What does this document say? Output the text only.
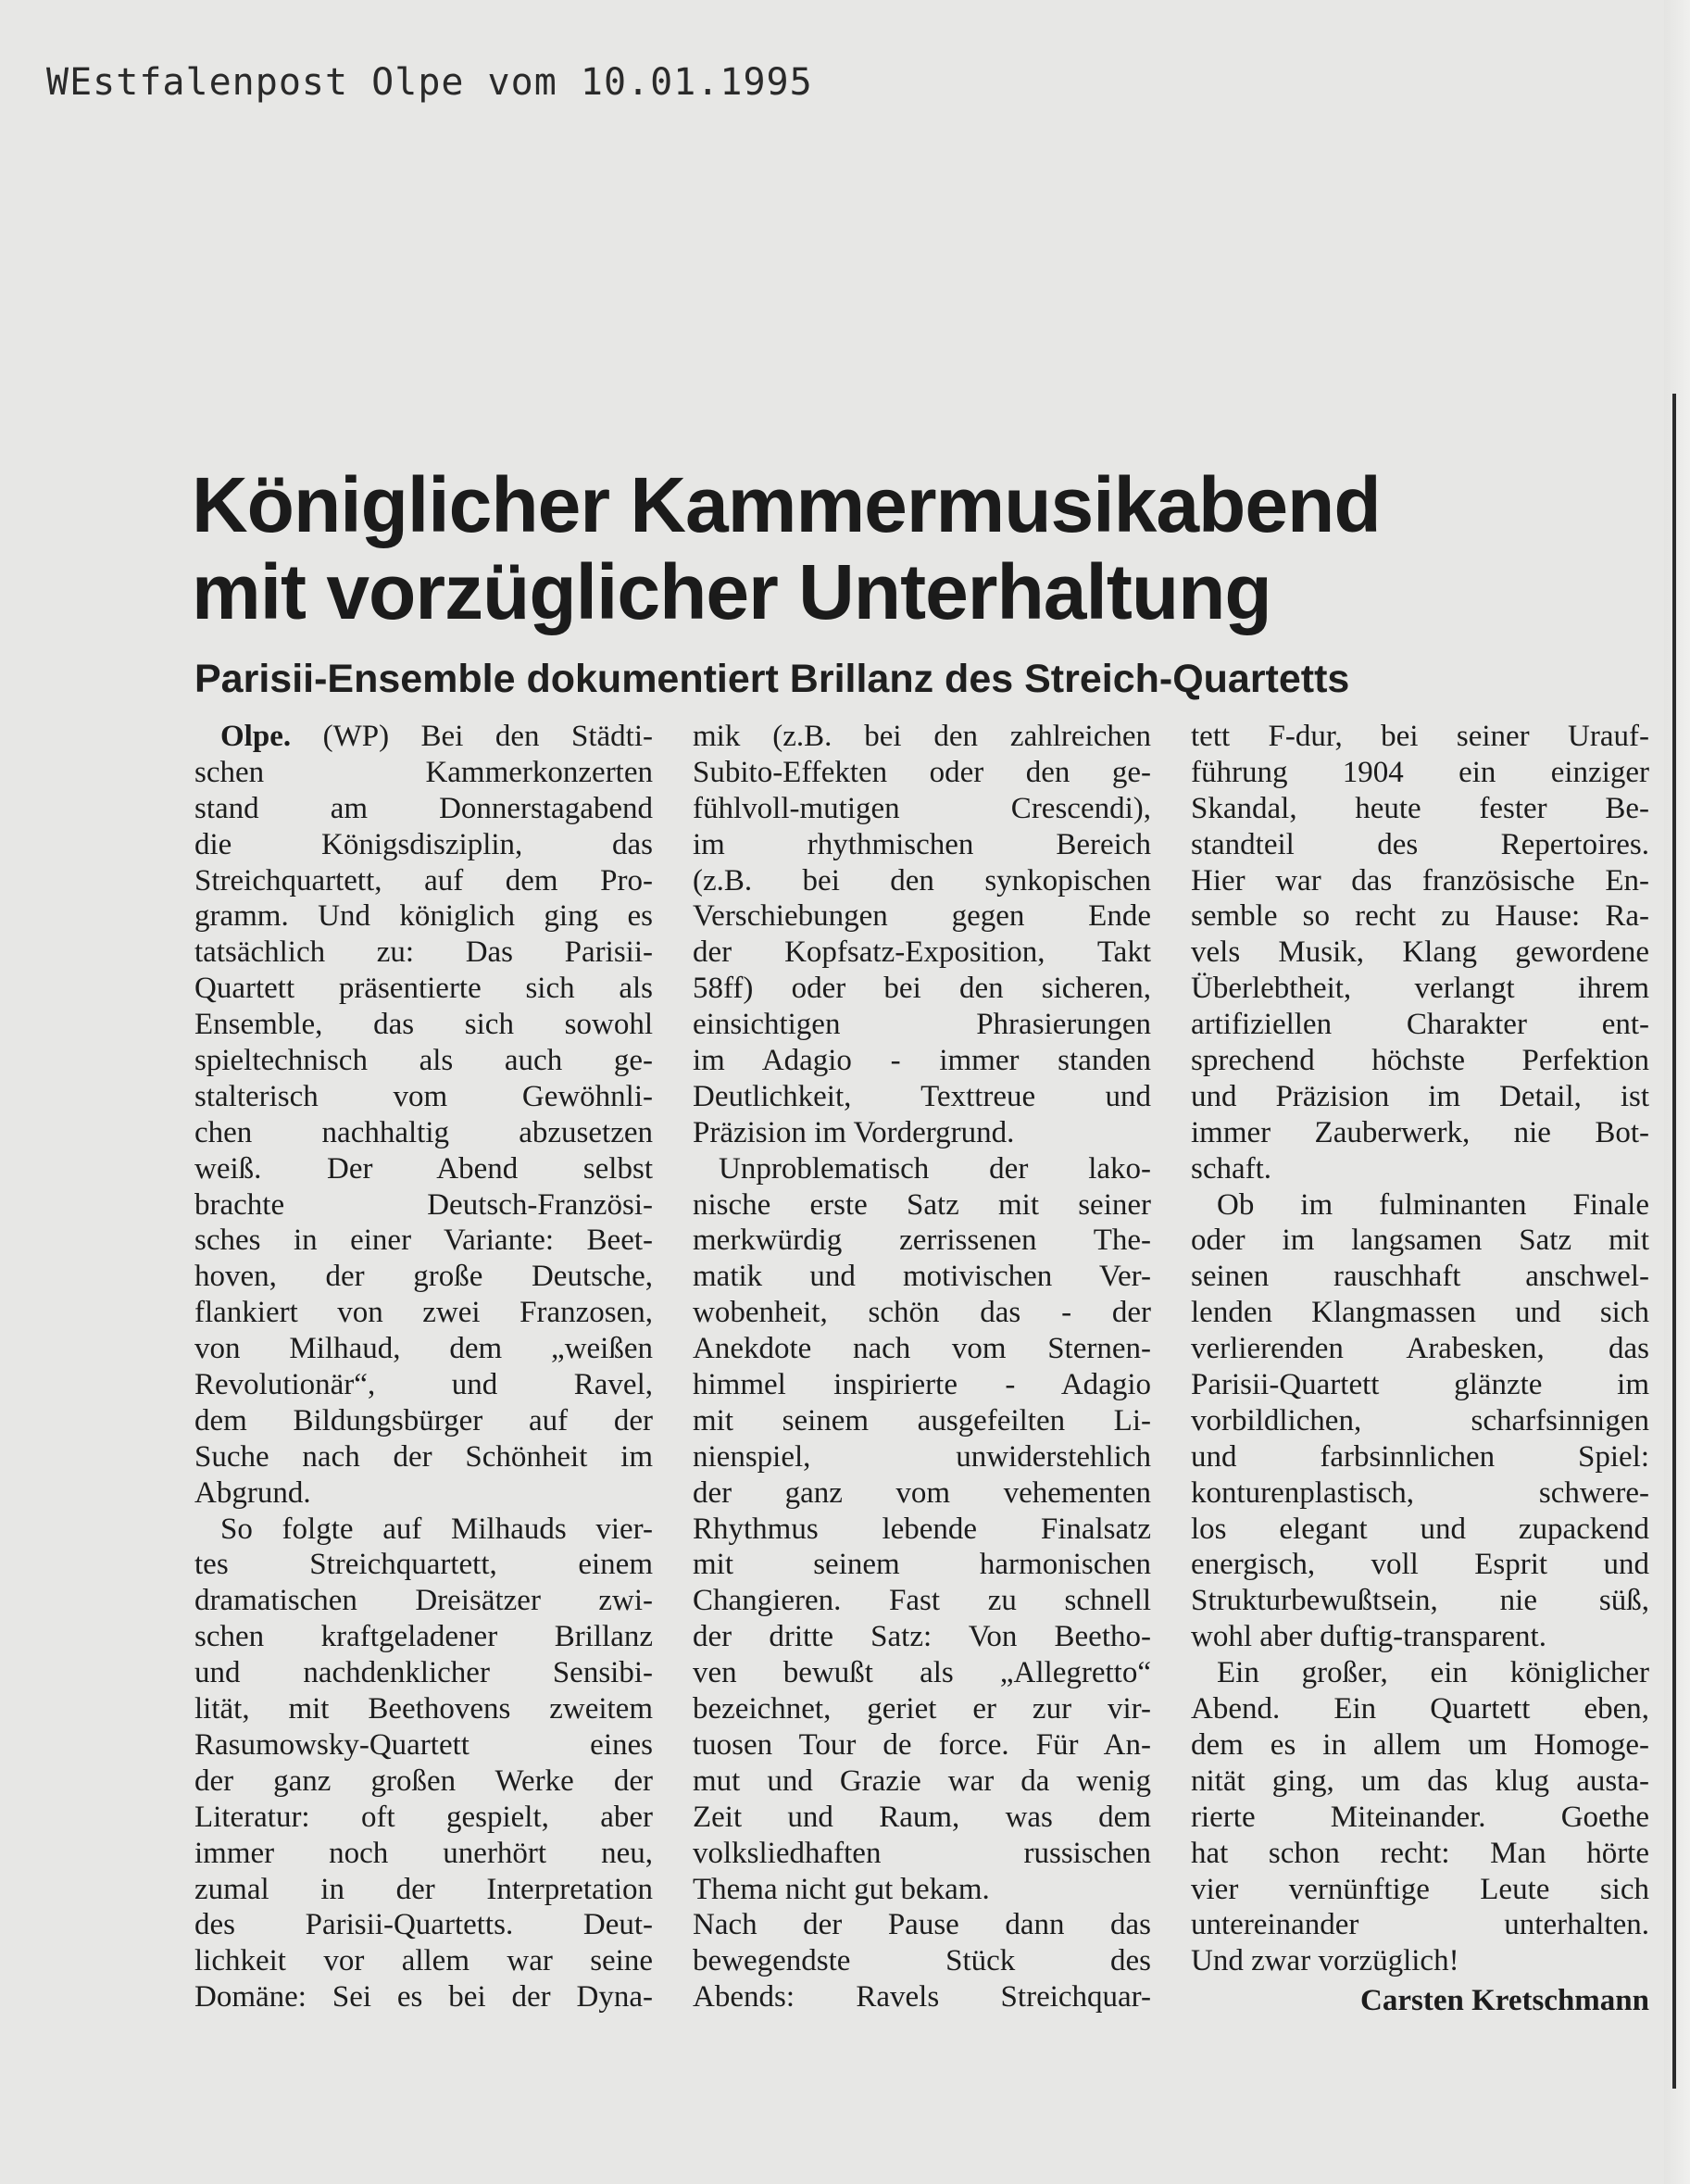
WEstfalenpost Olpe vom 10.01.1995
Königlicher Kammermusikabend
mit vorzüglicher Unterhaltung
Parisii-Ensemble dokumentiert Brillanz des Streich-Quartetts
Olpe. (WP) Bei den Städti-
schen Kammerkonzerten
stand am Donnerstagabend
die Königsdisziplin, das
Streichquartett, auf dem Pro-
gramm. Und königlich ging es
tatsächlich zu: Das Parisii-
Quartett präsentierte sich als
Ensemble, das sich sowohl
spieltechnisch als auch ge-
stalterisch vom Gewöhnli-
chen nachhaltig abzusetzen
weiß. Der Abend selbst
brachte Deutsch-Französi-
sches in einer Variante: Beet-
hoven, der große Deutsche,
flankiert von zwei Franzosen,
von Milhaud, dem „weißen
Revolutionär“, und Ravel,
dem Bildungsbürger auf der
Suche nach der Schönheit im
Abgrund.
So folgte auf Milhauds vier-
tes Streichquartett, einem
dramatischen Dreisätzer zwi-
schen kraftgeladener Brillanz
und nachdenklicher Sensibi-
lität, mit Beethovens zweitem
Rasumowsky-Quartett eines
der ganz großen Werke der
Literatur: oft gespielt, aber
immer noch unerhört neu,
zumal in der Interpretation
des Parisii-Quartetts. Deut-
lichkeit vor allem war seine
Domäne: Sei es bei der Dyna-
mik (z.B. bei den zahlreichen
Subito-Effekten oder den ge-
fühlvoll-mutigen Crescendi),
im rhythmischen Bereich
(z.B. bei den synkopischen
Verschiebungen gegen Ende
der Kopfsatz-Exposition, Takt
58ff) oder bei den sicheren,
einsichtigen Phrasierungen
im Adagio - immer standen
Deutlichkeit, Texttreue und
Präzision im Vordergrund.
Unproblematisch der lako-
nische erste Satz mit seiner
merkwürdig zerrissenen The-
matik und motivischen Ver-
wobenheit, schön das - der
Anekdote nach vom Sternen-
himmel inspirierte - Adagio
mit seinem ausgefeilten Li-
nienspiel, unwiderstehlich
der ganz vom vehementen
Rhythmus lebende Finalsatz
mit seinem harmonischen
Changieren. Fast zu schnell
der dritte Satz: Von Beetho-
ven bewußt als „Allegretto“
bezeichnet, geriet er zur vir-
tuosen Tour de force. Für An-
mut und Grazie war da wenig
Zeit und Raum, was dem
volksliedhaften russischen
Thema nicht gut bekam.
Nach der Pause dann das
bewegendste Stück des
Abends: Ravels Streichquar-
tett F-dur, bei seiner Urauf-
führung 1904 ein einziger
Skandal, heute fester Be-
standteil des Repertoires.
Hier war das französische En-
semble so recht zu Hause: Ra-
vels Musik, Klang gewordene
Überlebtheit, verlangt ihrem
artifiziellen Charakter ent-
sprechend höchste Perfektion
und Präzision im Detail, ist
immer Zauberwerk, nie Bot-
schaft.
Ob im fulminanten Finale
oder im langsamen Satz mit
seinen rauschhaft anschwel-
lenden Klangmassen und sich
verlierenden Arabesken, das
Parisii-Quartett glänzte im
vorbildlichen, scharfsinnigen
und farbsinnlichen Spiel:
konturenplastisch, schwere-
los elegant und zupackend
energisch, voll Esprit und
Strukturbewußtsein, nie süß,
wohl aber duftig-transparent.
Ein großer, ein königlicher
Abend. Ein Quartett eben,
dem es in allem um Homoge-
nität ging, um das klug austa-
rierte Miteinander. Goethe
hat schon recht: Man hörte
vier vernünftige Leute sich
untereinander unterhalten.
Und zwar vorzüglich!
Carsten Kretschmann
